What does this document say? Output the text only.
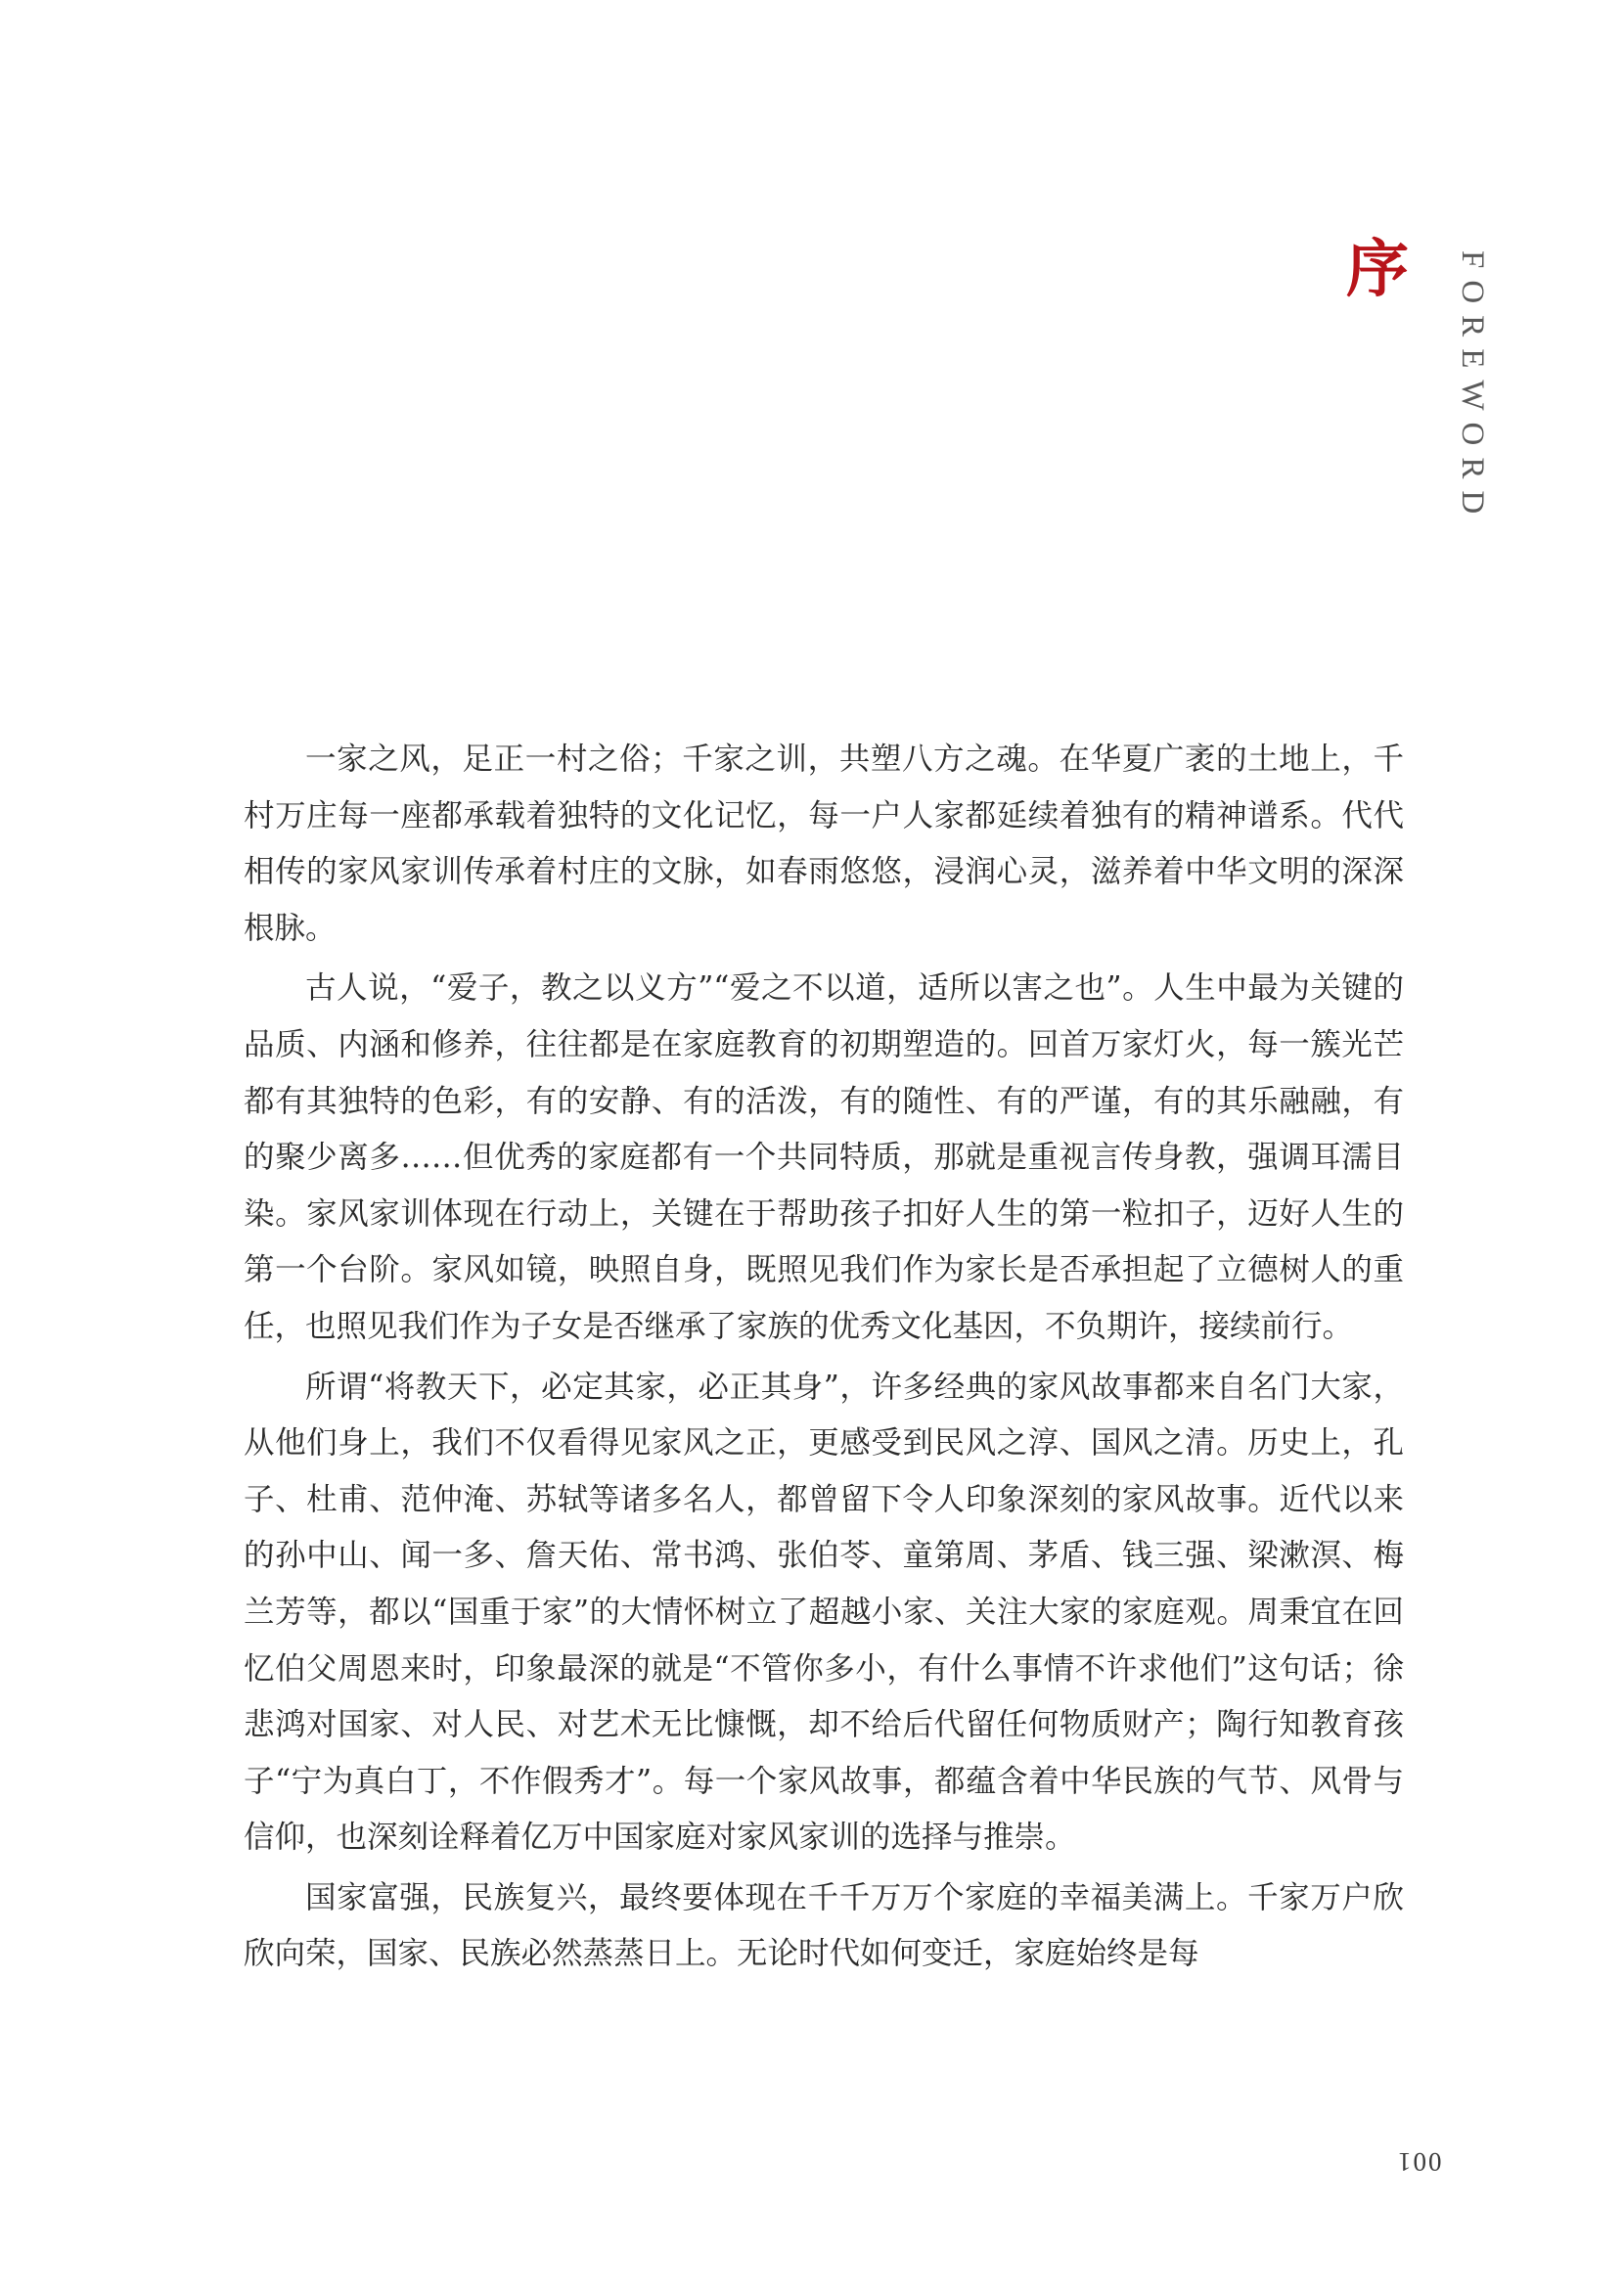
序 FOREWORD

一家之风，足正一村之俗；千家之训，共塑八方之魂。在华夏广袤的土地上，千村万庄每一座都承载着独特的文化记忆，每一户人家都延续着独有的精神谱系。代代相传的家风家训传承着村庄的文脉，如春雨悠悠，浸润心灵，滋养着中华文明的深深根脉。

古人说，“爱子，教之以义方”“爱之不以道，适所以害之也”。人生中最为关键的品质、内涵和修养，往往都是在家庭教育的初期塑造的。回首万家灯火，每一簇光芒都有其独特的色彩，有的安静、有的活泼，有的随性、有的严谨，有的其乐融融，有的聚少离多……但优秀的家庭都有一个共同特质，那就是重视言传身教，强调耳濡目染。家风家训体现在行动上，关键在于帮助孩子扣好人生的第一粒扣子，迈好人生的第一个台阶。家风如镜，映照自身，既照见我们作为家长是否承担起了立德树人的重任，也照见我们作为子女是否继承了家族的优秀文化基因，不负期许，接续前行。

所谓“将教天下，必定其家，必正其身”，许多经典的家风故事都来自名门大家，从他们身上，我们不仅看得见家风之正，更感受到民风之淳、国风之清。历史上，孔子、杜甫、范仲淹、苏轼等诸多名人，都曾留下令人印象深刻的家风故事。近代以来的孙中山、闻一多、詹天佑、常书鸿、张伯苓、童第周、茅盾、钱三强、梁漱溟、梅兰芳等，都以“国重于家”的大情怀树立了超越小家、关注大家的家庭观。周秉宜在回忆伯父周恩来时，印象最深的就是“不管你多小，有什么事情不许求他们”这句话；徐悲鸿对国家、对人民、对艺术无比慷慨，却不给后代留任何物质财产；陶行知教育孩子“宁为真白丁，不作假秀才”。每一个家风故事，都蕴含着中华民族的气节、风骨与信仰，也深刻诠释着亿万中国家庭对家风家训的选择与推崇。

国家富强，民族复兴，最终要体现在千千万万个家庭的幸福美满上。千家万户欣欣向荣，国家、民族必然蒸蒸日上。无论时代如何变迁，家庭始终是每

001
